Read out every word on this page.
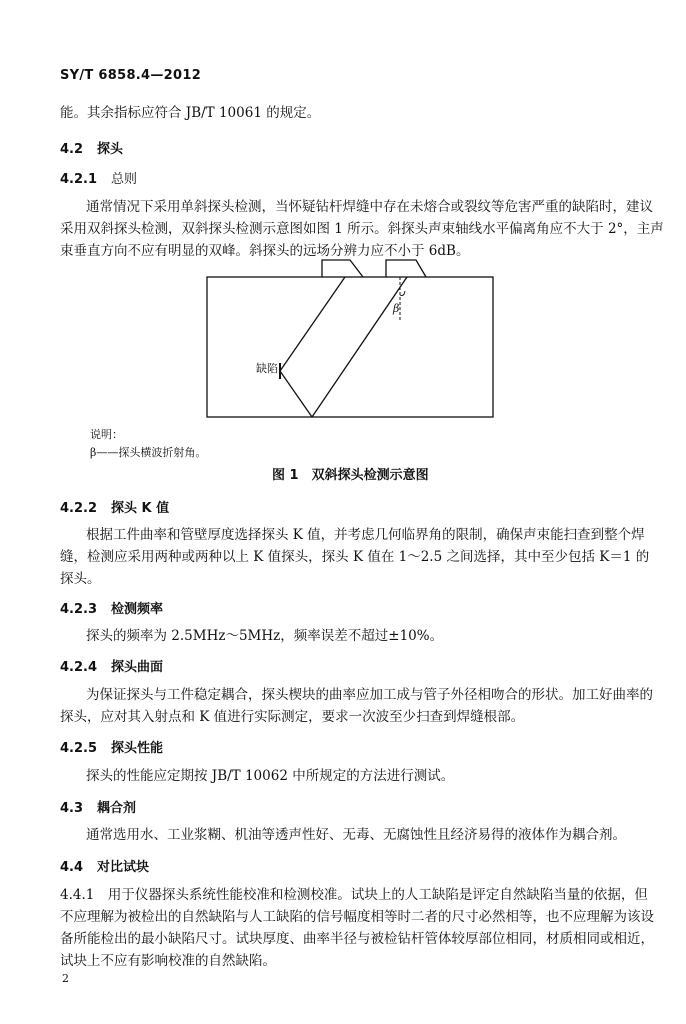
SY/T 6858.4—2012
能。其余指标应符合 JB/T 10061 的规定。
4.2 探头
4.2.1 总则
通常情况下采用单斜探头检测，当怀疑钻杆焊缝中存在未熔合或裂纹等危害严重的缺陷时，建议
采用双斜探头检测，双斜探头检测示意图如图 1 所示。斜探头声束轴线水平偏离角应不大于 2°，主声
束垂直方向不应有明显的双峰。斜探头的远场分辨力应不小于 6dB。
缺陷
β
说明：
β——探头横波折射角。
图 1　双斜探头检测示意图
4.2.2 探头 K 值
根据工件曲率和管壁厚度选择探头 K 值，并考虑几何临界角的限制，确保声束能扫查到整个焊
缝，检测应采用两种或两种以上 K 值探头，探头 K 值在 1～2.5 之间选择，其中至少包括 K＝1 的
探头。
4.2.3 检测频率
探头的频率为 2.5MHz～5MHz，频率误差不超过±10%。
4.2.4 探头曲面
为保证探头与工件稳定耦合，探头楔块的曲率应加工成与管子外径相吻合的形状。加工好曲率的
探头，应对其入射点和 K 值进行实际测定，要求一次波至少扫查到焊缝根部。
4.2.5 探头性能
探头的性能应定期按 JB/T 10062 中所规定的方法进行测试。
4.3 耦合剂
通常选用水、工业浆糊、机油等透声性好、无毒、无腐蚀性且经济易得的液体作为耦合剂。
4.4 对比试块
4.4.1　用于仪器探头系统性能校准和检测校准。试块上的人工缺陷是评定自然缺陷当量的依据，但
不应理解为被检出的自然缺陷与人工缺陷的信号幅度相等时二者的尺寸必然相等，也不应理解为该设
备所能检出的最小缺陷尺寸。试块厚度、曲率半径与被检钻杆管体较厚部位相同，材质相同或相近，
试块上不应有影响校准的自然缺陷。
2
